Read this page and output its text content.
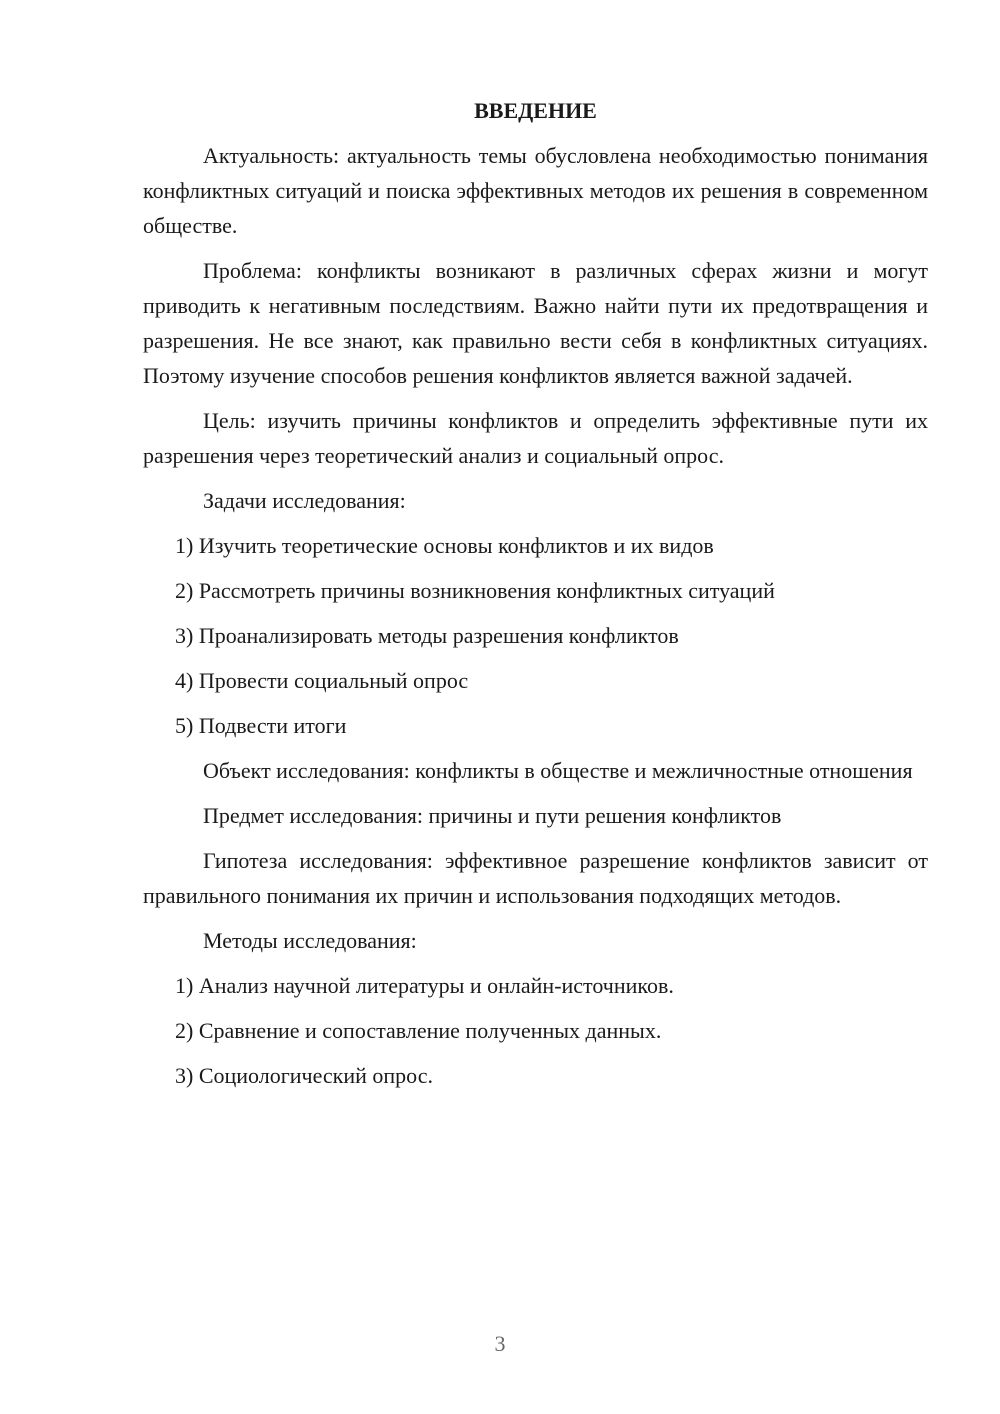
ВВЕДЕНИЕ

Актуальность: актуальность темы обусловлена необходимостью понимания конфликтных ситуаций и поиска эффективных методов их решения в современном обществе.

Проблема: конфликты возникают в различных сферах жизни и могут приводить к негативным последствиям. Важно найти пути их предотвращения и разрешения. Не все знают, как правильно вести себя в конфликтных ситуациях. Поэтому изучение способов решения конфликтов является важной задачей.

Цель: изучить причины конфликтов и определить эффективные пути их разрешения через теоретический анализ и социальный опрос.

Задачи исследования:

1) Изучить теоретические основы конфликтов и их видов
2) Рассмотреть причины возникновения конфликтных ситуаций
3) Проанализировать методы разрешения конфликтов
4) Провести социальный опрос
5) Подвести итоги

Объект исследования: конфликты в обществе и межличностные отношения

Предмет исследования: причины и пути решения конфликтов

Гипотеза исследования: эффективное разрешение конфликтов зависит от правильного понимания их причин и использования подходящих методов.

Методы исследования:

1) Анализ научной литературы и онлайн-источников.
2) Сравнение и сопоставление полученных данных.
3) Социологический опрос.
3
